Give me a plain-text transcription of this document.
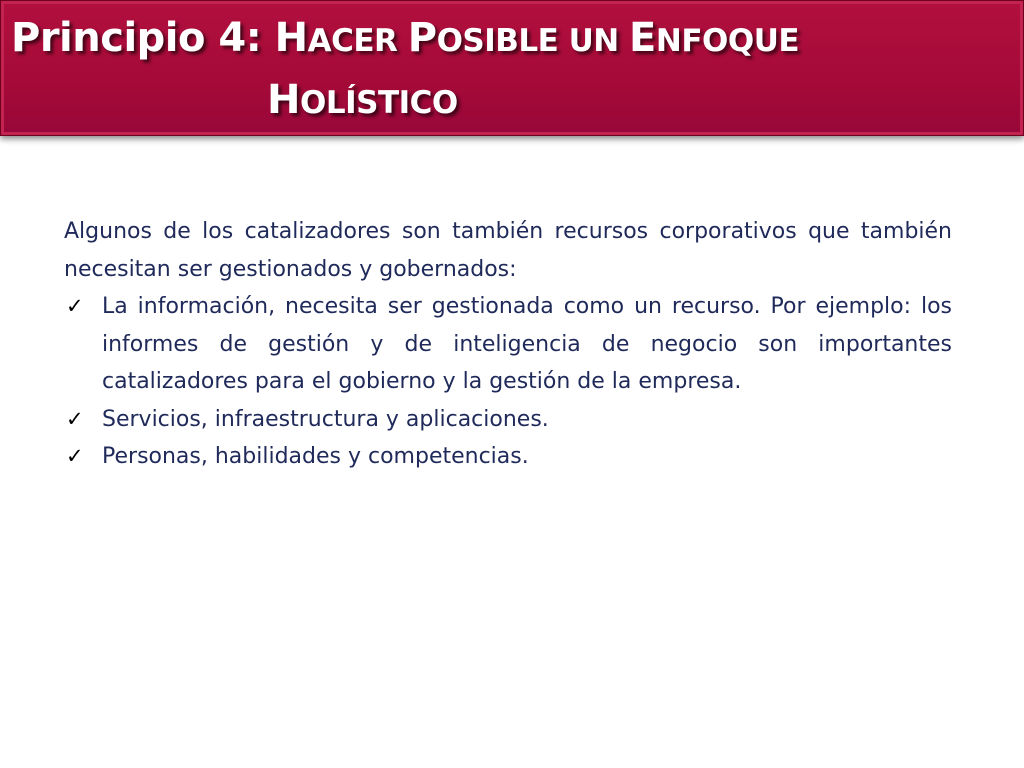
Principio 4: HACER POSIBLE UN ENFOQUE
HOLÍSTICO

Algunos de los catalizadores son también recursos corporativos que también necesitan ser gestionados y gobernados:

✓ La información, necesita ser gestionada como un recurso. Por ejemplo: los informes de gestión y de inteligencia de negocio son importantes catalizadores para el gobierno y la gestión de la empresa.
✓ Servicios, infraestructura y aplicaciones.
✓ Personas, habilidades y competencias.
